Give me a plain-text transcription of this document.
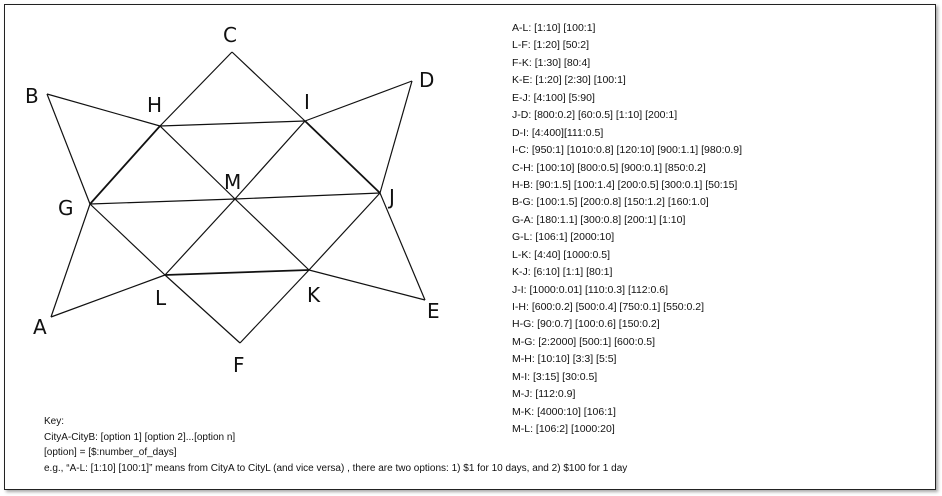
C
B	H	I
D
M
G	J
L	K
A
E
F
A-L: [1:10] [100:1]
L-F: [1:20] [50:2]
F-K: [1:30] [80:4]
K-E: [1:20] [2:30] [100:1]
E-J: [4:100] [5:90]
J-D: [800:0.2] [60:0.5] [1:10] [200:1]
D-I: [4:400][111:0.5]
I-C: [950:1] [1010:0.8] [120:10] [900:1.1] [980:0.9]
C-H: [100:10] [800:0.5] [900:0.1] [850:0.2]
H-B: [90:1.5] [100:1.4] [200:0.5] [300:0.1] [50:15]
B-G: [100:1.5] [200:0.8] [150:1.2] [160:1.0]
G-A: [180:1.1] [300:0.8] [200:1] [1:10]
G-L: [106:1] [2000:10]
L-K: [4:40] [1000:0.5]
K-J: [6:10] [1:1] [80:1]
J-I: [1000:0.01] [110:0.3] [112:0.6]
I-H: [600:0.2] [500:0.4] [750:0.1] [550:0.2]
H-G: [90:0.7] [100:0.6] [150:0.2]
M-G: [2:2000] [500:1] [600:0.5]
M-H: [10:10] [3:3] [5:5]
M-I: [3:15] [30:0.5]
M-J: [112:0.9]
M-K: [4000:10] [106:1]
M-L: [106:2] [1000:20]
Key:
CityA-CityB: [option 1] [option 2]...[option n]
[option] = [$:number_of_days]
e.g., “A-L: [1:10] [100:1]” means from CityA to CityL (and vice versa) , there are two options: 1) $1 for 10 days, and 2) $100 for 1 day
